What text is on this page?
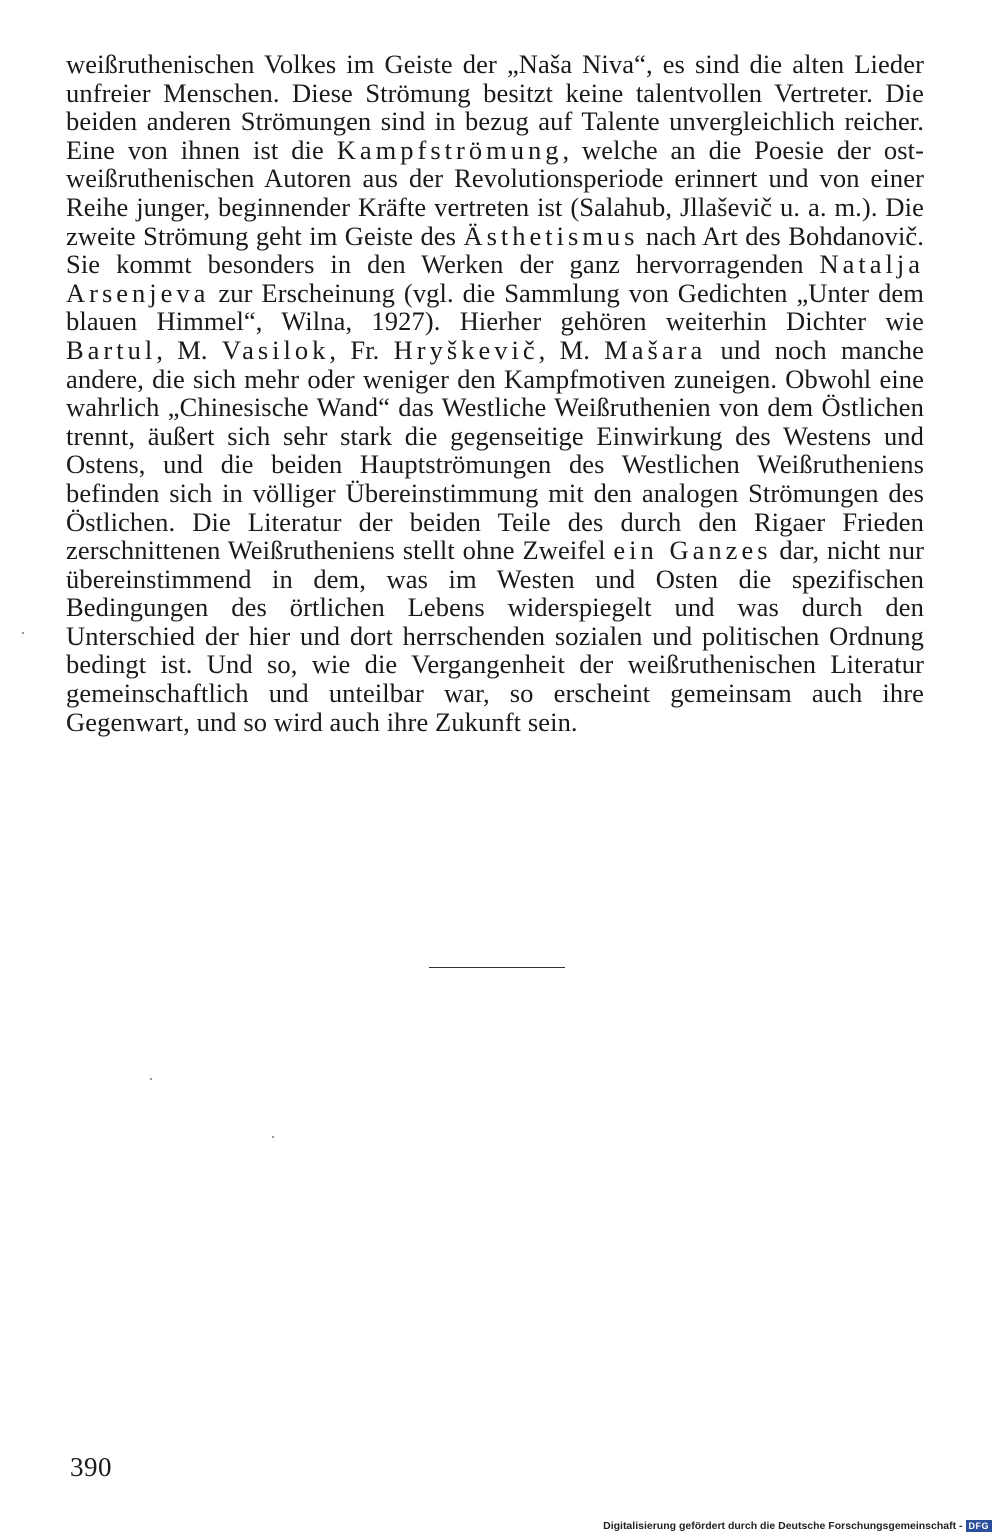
weißruthenischen Volkes im Geiste der „Naša Niva“, es sind die alten Lieder unfreier Menschen. Diese Strömung besitzt keine talentvollen Vertreter. Die beiden anderen Strömungen sind in bezug auf Talente unvergleichlich reicher. Eine von ihnen ist die Kampfströmung, welche an die Poesie der ost-weißruthenischen Autoren aus der Revolutionsperiode erinnert und von einer Reihe junger, beginnender Kräfte vertreten ist (Salahub, Jllaševič u. a. m.). Die zweite Strömung geht im Geiste des Ästhetismus nach Art des Bohdanovič. Sie kommt besonders in den Werken der ganz hervorragenden Natalja Arsenjeva zur Erscheinung (vgl. die Sammlung von Gedichten „Unter dem blauen Himmel“, Wilna, 1927). Hierher gehören weiterhin Dichter wie Bartul, M. Vasilok, Fr. Hryškevič, M. Mašara und noch manche andere, die sich mehr oder weniger den Kampfmotiven zuneigen. Obwohl eine wahrlich „Chinesische Wand“ das Westliche Weißruthenien von dem Östlichen trennt, äußert sich sehr stark die gegenseitige Einwirkung des Westens und Ostens, und die beiden Hauptströmungen des Westlichen Weißrutheniens befinden sich in völliger Übereinstimmung mit den analogen Strömungen des Östlichen. Die Literatur der beiden Teile des durch den Rigaer Frieden zerschnittenen Weißrutheniens stellt ohne Zweifel ein Ganzes dar, nicht nur übereinstimmend in dem, was im Westen und Osten die spezifischen Bedingungen des örtlichen Lebens widerspiegelt und was durch den Unterschied der hier und dort herrschenden sozialen und politischen Ordnung bedingt ist. Und so, wie die Vergangenheit der weißruthenischen Literatur gemeinschaftlich und unteilbar war, so erscheint gemeinsam auch ihre Gegenwart, und so wird auch ihre Zukunft sein.

390
Digitalisierung gefördert durch die Deutsche Forschungsgemeinschaft - DFG
